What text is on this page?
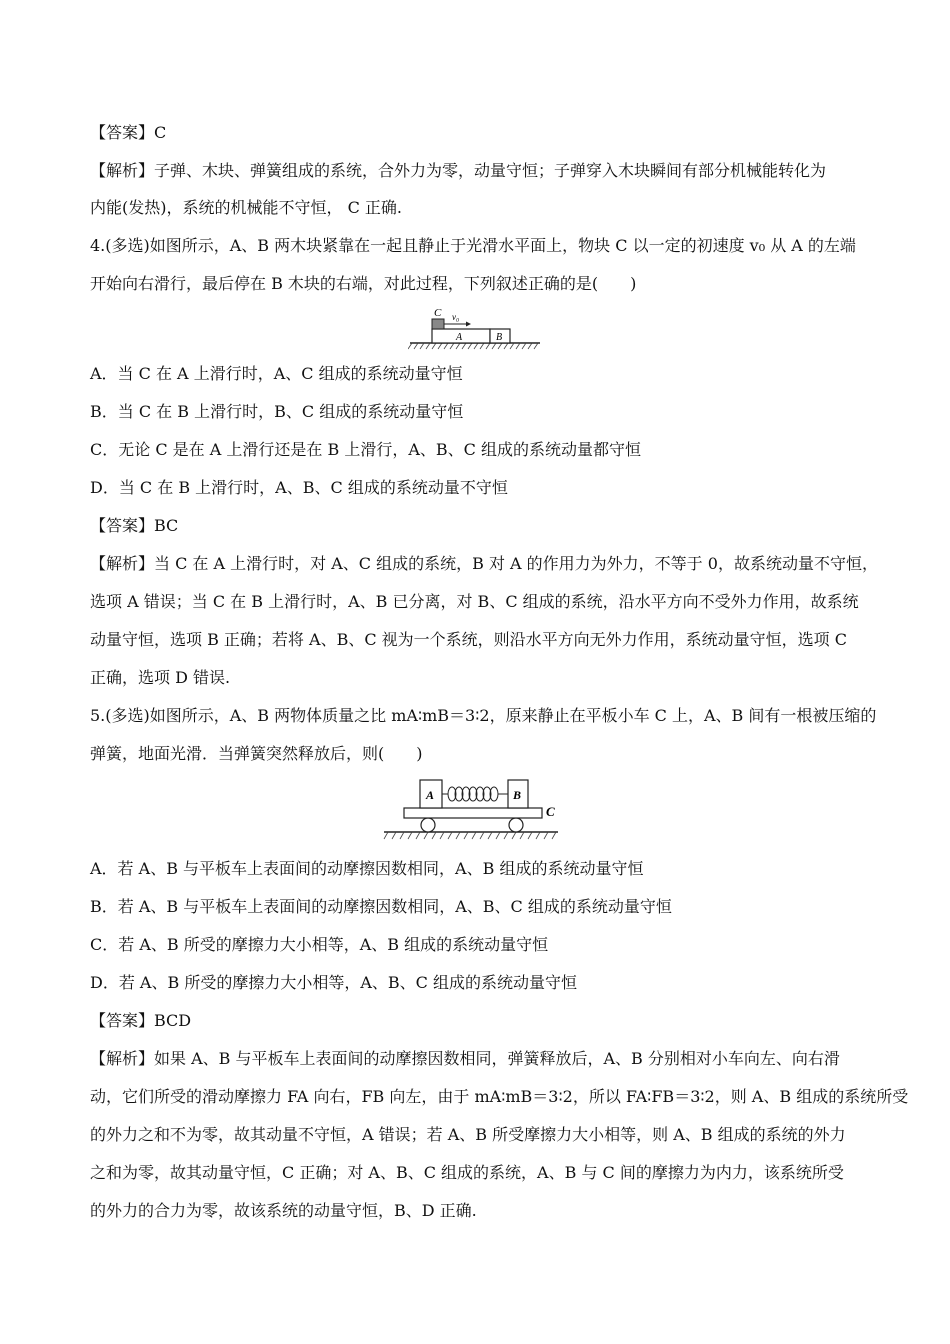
【答案】C
【解析】子弹、木块、弹簧组成的系统，合外力为零，动量守恒；子弹穿入木块瞬间有部分机械能转化为
内能(发热)，系统的机械能不守恒， C 正确.
4.(多选)如图所示，A、B 两木块紧靠在一起且静止于光滑水平面上，物块 C 以一定的初速度 v₀ 从 A 的左端
开始向右滑行，最后停在 B 木块的右端，对此过程，下列叙述正确的是(　　)
C v₀
A	B
A．当 C 在 A 上滑行时，A、C 组成的系统动量守恒
B．当 C 在 B 上滑行时，B、C 组成的系统动量守恒
C．无论 C 是在 A 上滑行还是在 B 上滑行，A、B、C 组成的系统动量都守恒
D．当 C 在 B 上滑行时，A、B、C 组成的系统动量不守恒
【答案】BC
【解析】当 C 在 A 上滑行时，对 A、C 组成的系统，B 对 A 的作用力为外力，不等于 0，故系统动量不守恒，
选项 A 错误；当 C 在 B 上滑行时，A、B 已分离，对 B、C 组成的系统，沿水平方向不受外力作用，故系统
动量守恒，选项 B 正确；若将 A、B、C 视为一个系统，则沿水平方向无外力作用，系统动量守恒，选项 C
正确，选项 D 错误.
5.(多选)如图所示，A、B 两物体质量之比 mA∶mB＝3∶2，原来静止在平板小车 C 上，A、B 间有一根被压缩的
弹簧，地面光滑．当弹簧突然释放后，则(　　)
A	B
C
A．若 A、B 与平板车上表面间的动摩擦因数相同，A、B 组成的系统动量守恒
B．若 A、B 与平板车上表面间的动摩擦因数相同，A、B、C 组成的系统动量守恒
C．若 A、B 所受的摩擦力大小相等，A、B 组成的系统动量守恒
D．若 A、B 所受的摩擦力大小相等，A、B、C 组成的系统动量守恒
【答案】BCD
【解析】如果 A、B 与平板车上表面间的动摩擦因数相同，弹簧释放后，A、B 分别相对小车向左、向右滑
动，它们所受的滑动摩擦力 FA 向右，FB 向左，由于 mA∶mB＝3∶2，所以 FA∶FB＝3∶2，则 A、B 组成的系统所受
的外力之和不为零，故其动量不守恒，A 错误；若 A、B 所受摩擦力大小相等，则 A、B 组成的系统的外力
之和为零，故其动量守恒，C 正确；对 A、B、C 组成的系统，A、B 与 C 间的摩擦力为内力，该系统所受
的外力的合力为零，故该系统的动量守恒，B、D 正确.
